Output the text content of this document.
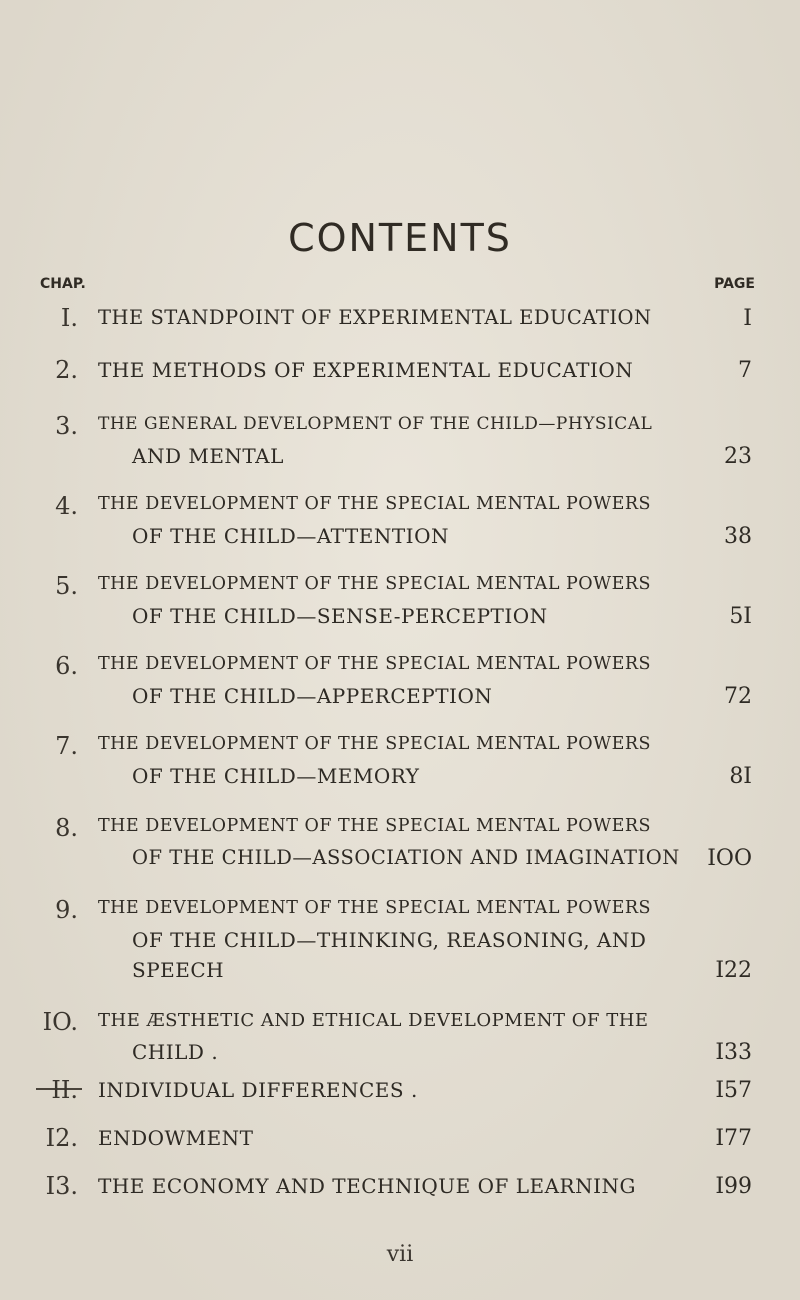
CONTENTS
CHAP.	PAGE
I. THE STANDPOINT OF EXPERIMENTAL EDUCATION	I
2. THE METHODS OF EXPERIMENTAL EDUCATION	7
3. THE GENERAL DEVELOPMENT OF THE CHILD—PHYSICAL
AND MENTAL	23
4. THE DEVELOPMENT OF THE SPECIAL MENTAL POWERS
OF THE CHILD—ATTENTION	38
5. THE DEVELOPMENT OF THE SPECIAL MENTAL POWERS
OF THE CHILD—SENSE-PERCEPTION	5I
6. THE DEVELOPMENT OF THE SPECIAL MENTAL POWERS
OF THE CHILD—APPERCEPTION	72
7. THE DEVELOPMENT OF THE SPECIAL MENTAL POWERS
OF THE CHILD—MEMORY	8I
8. THE DEVELOPMENT OF THE SPECIAL MENTAL POWERS
OF THE CHILD—ASSOCIATION AND IMAGINATION	IOO
9. THE DEVELOPMENT OF THE SPECIAL MENTAL POWERS
OF THE CHILD—THINKING, REASONING, AND
SPEECH	I22
IO. THE ÆSTHETIC AND ETHICAL DEVELOPMENT OF THE
CHILD .	I33
II. INDIVIDUAL DIFFERENCES .	I57
I2. ENDOWMENT	I77
I3. THE ECONOMY AND TECHNIQUE OF LEARNING	I99
vii
